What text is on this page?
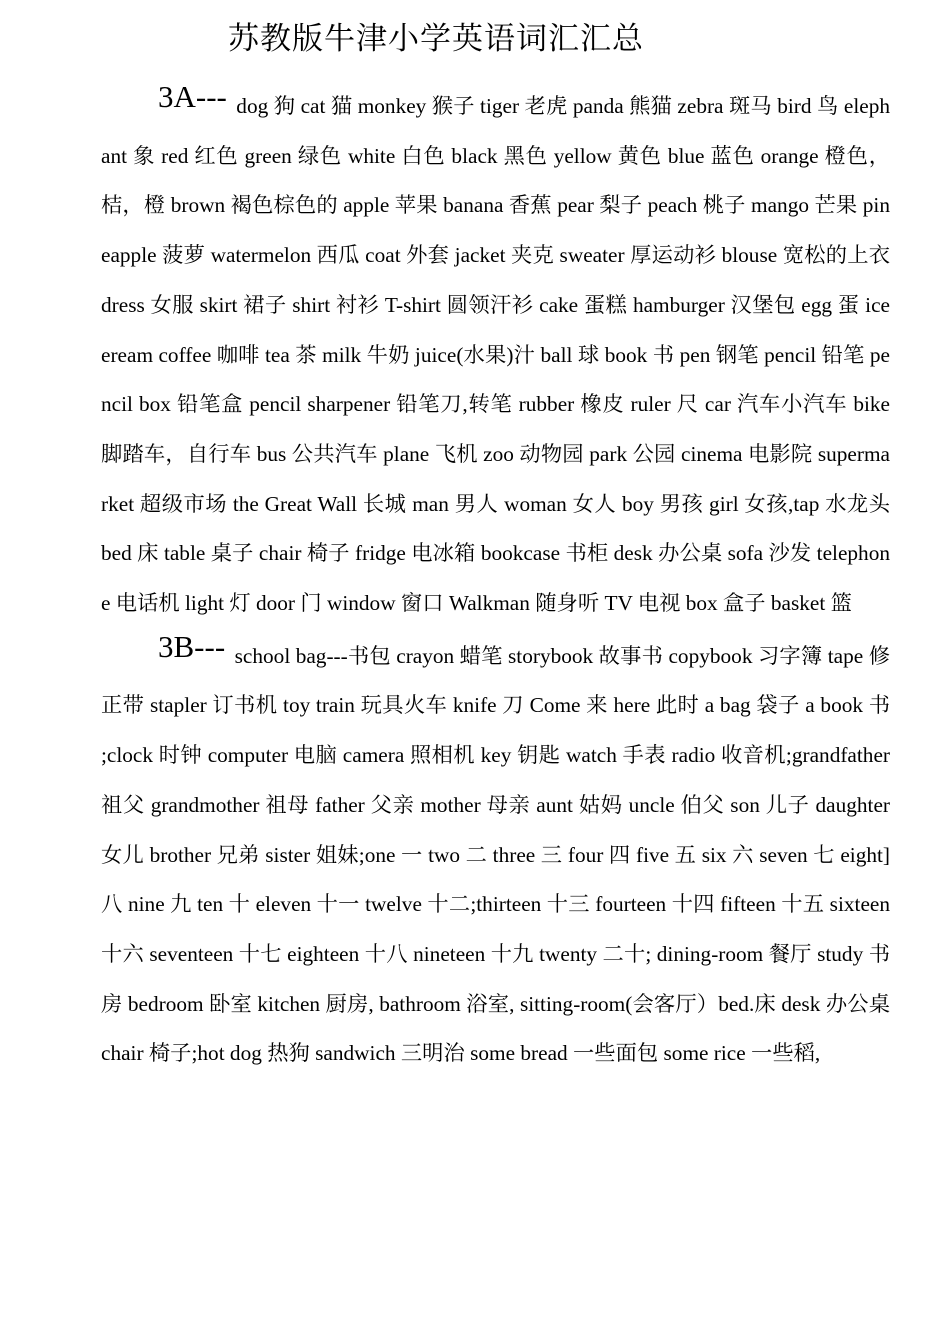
苏教版牛津小学英语词汇汇总

3A--- dog 狗 cat 猫 monkey 猴子 tiger 老虎 panda 熊猫 zebra 斑马 bird 鸟 elephant 象 red 红色 green 绿色 white 白色 black 黑色 yellow 黄色 blue 蓝色 orange 橙色，桔，橙 brown 褐色棕色的 apple 苹果 banana 香蕉 pear 梨子 peach 桃子 mango 芒果 pineapple 菠萝 watermelon 西瓜 coat 外套 jacket 夹克 sweater 厚运动衫 blouse 宽松的上衣 dress 女服 skirt 裙子 shirt 衬衫 T-shirt 圆领汗衫 cake 蛋糕 hamburger 汉堡包 egg 蛋 ice eream coffee 咖啡 tea 茶 milk 牛奶 juice(水果)汁 ball 球 book 书 pen 钢笔 pencil 铅笔 pencil box 铅笔盒 pencil sharpener 铅笔刀,转笔 rubber 橡皮 ruler 尺 car 汽车小汽车 bike 脚踏车，自行车 bus 公共汽车 plane 飞机 zoo 动物园 park 公园 cinema 电影院 supermarket 超级市场 the Great Wall 长城 man 男人 woman 女人 boy 男孩 girl 女孩,tap 水龙头 bed 床 table 桌子 chair 椅子 fridge 电冰箱 bookcase 书柜 desk 办公桌 sofa 沙发 telephone 电话机 light 灯 door 门 window 窗口 Walkman 随身听 TV 电视 box 盒子 basket 篮

3B--- school bag---书包 crayon 蜡笔 storybook 故事书 copybook 习字簿 tape 修正带 stapler 订书机 toy train 玩具火车 knife 刀 Come 来 here 此时 a bag 袋子 a book 书 ;clock 时钟 computer 电脑 camera 照相机 key 钥匙 watch 手表 radio 收音机;grandfather 祖父 grandmother 祖母 father 父亲 mother 母亲 aunt 姑妈 uncle 伯父 son 儿子 daughter 女儿 brother 兄弟 sister 姐妹;one 一 two 二 three 三 four 四 five 五 six 六 seven 七 eight]八 nine 九 ten 十 eleven 十一 twelve 十二;thirteen 十三 fourteen 十四 fifteen 十五 sixteen 十六 seventeen 十七 eighteen 十八 nineteen 十九 twenty 二十; dining-room 餐厅 study 书房 bedroom 卧室 kitchen 厨房, bathroom 浴室, sitting-room(会客厅）bed.床 desk 办公桌 chair 椅子;hot dog 热狗 sandwich 三明治 some bread 一些面包 some rice 一些稻,
